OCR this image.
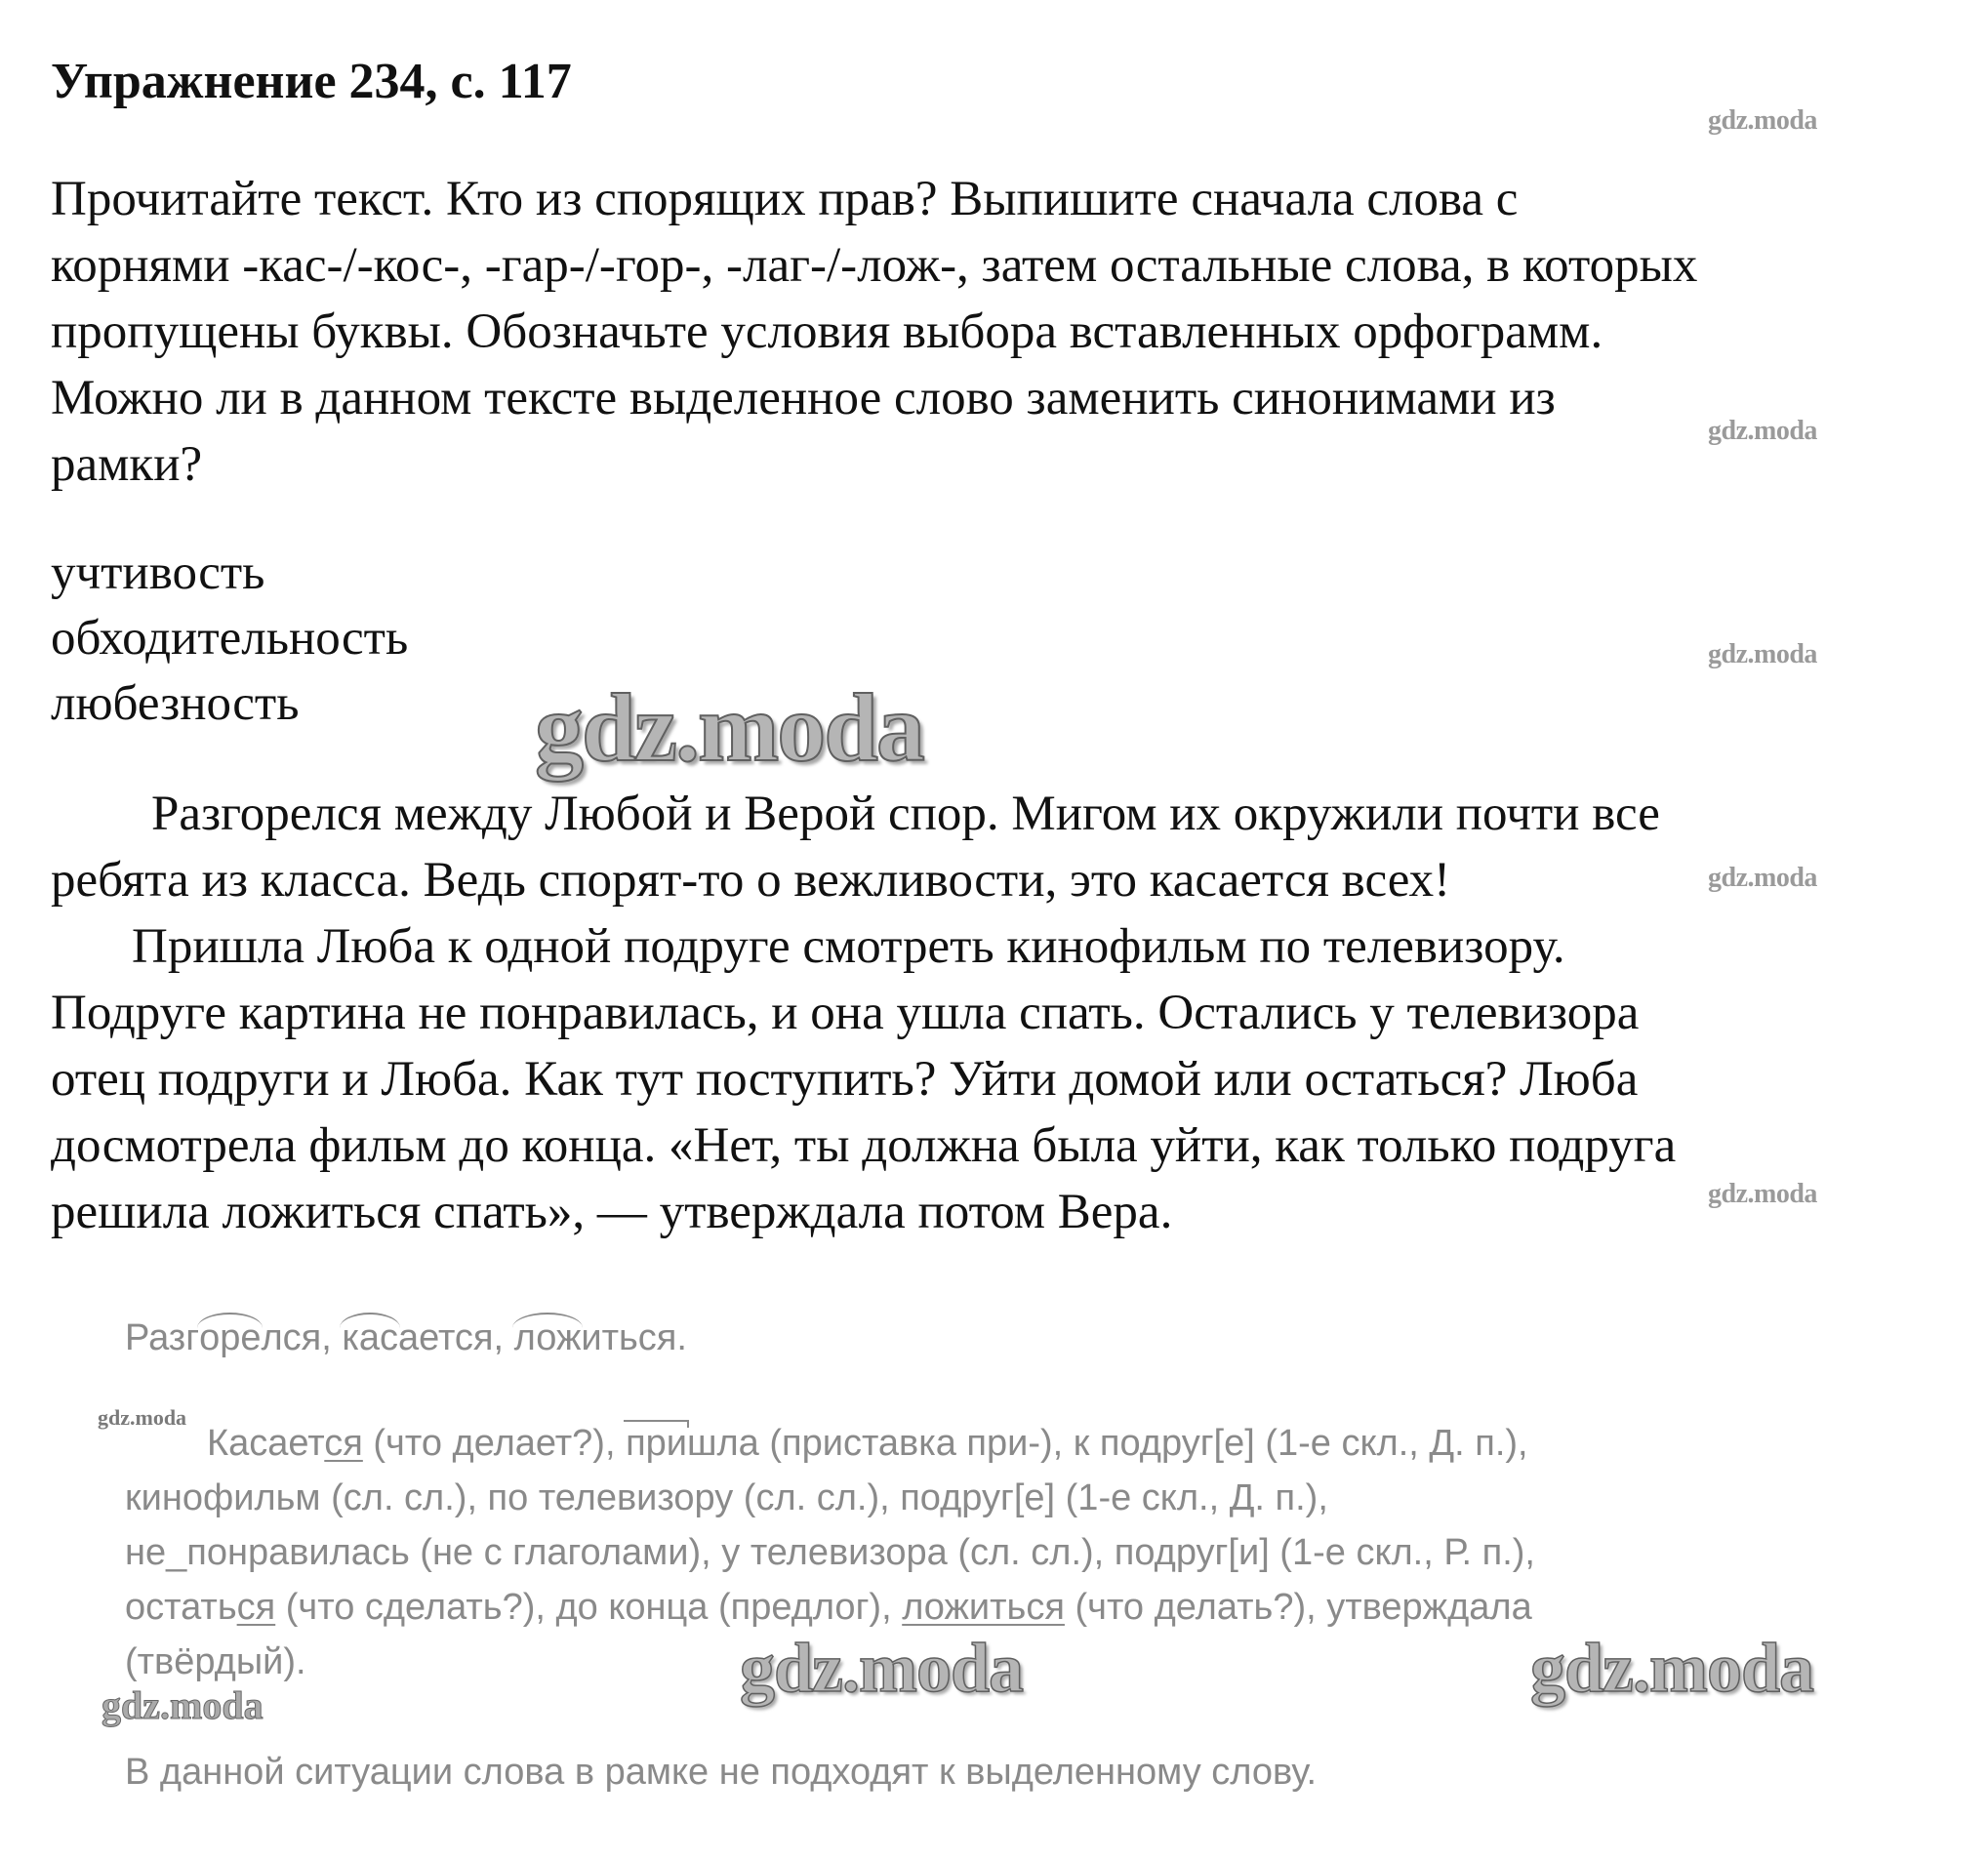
Упражнение 234, с. 117
Прочитайте текст. Кто из спорящих прав? Выпишите сначала слова с
корнями -кас-/-кос-, -гар-/-гор-, -лаг-/-лож-, затем остальные слова, в которых
пропущены буквы. Обозначьте условия выбора вставленных орфограмм.
Можно ли в данном тексте выделенное слово заменить синонимами из
рамки?
учтивость
обходительность
любезность
Разгорелся между Любой и Верой спор. Мигом их окружили почти все
ребята из класса. Ведь спорят-то о вежливости, это касается всех!
Пришла Люба к одной подруге смотреть кинофильм по телевизору.
Подруге картина не понравилась, и она ушла спать. Остались у телевизора
отец подруги и Люба. Как тут поступить? Уйти домой или остаться? Люба
досмотрела фильм до конца. «Нет, ты должна была уйти, как только подруга
решила ложиться спать», — утверждала потом Вера.
Разгорелся, касается, ложиться.
Касается (что делает?), пришла (приставка при-), к подруг[е] (1-е скл., Д. п.),
кинофильм (сл. сл.), по телевизору (сл. сл.), подруг[е] (1-е скл., Д. п.),
не_понравилась (не с глаголами), у телевизора (сл. сл.), подруг[и] (1-е скл., Р. п.),
остаться (что сделать?), до конца (предлог), ложиться (что делать?), утверждала
(твёрдый).
В данной ситуации слова в рамке не подходят к выделенному слову.
gdz.moda
gdz.moda
gdz.moda
gdz.moda
gdz.moda
gdz.moda
gdz.moda
gdz.moda
gdz.moda	gdz.moda
